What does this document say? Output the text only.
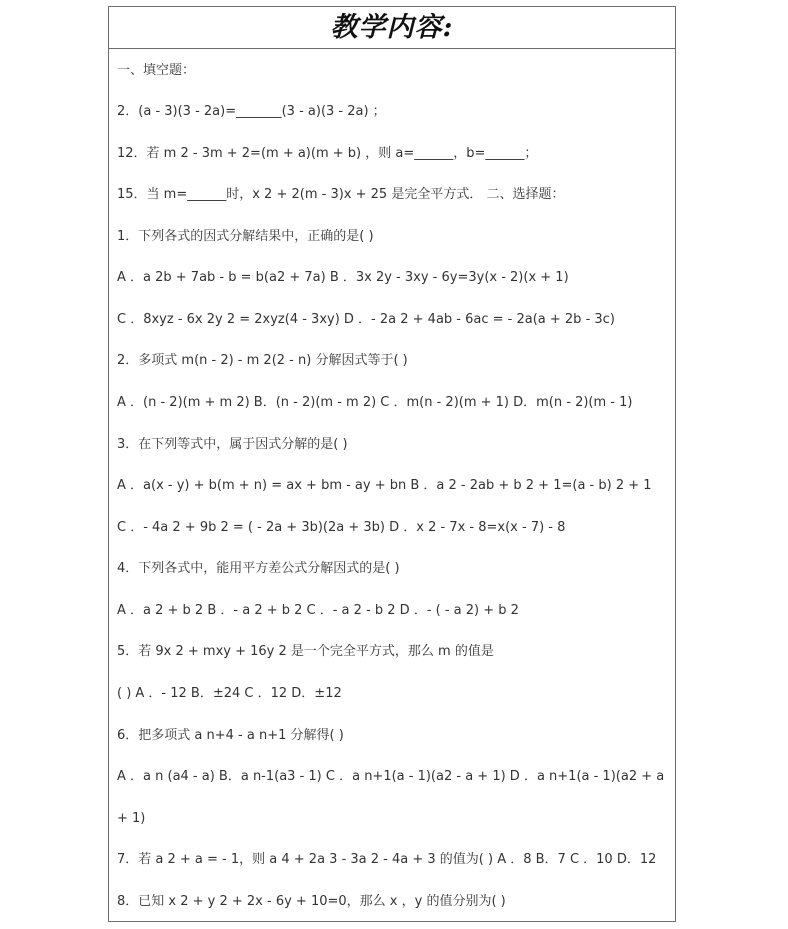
教学内容:
一、填空题：
2．(a - 3)(3 - 2a)=_______(3 - a)(3 - 2a) ；
12．若 m 2 - 3m + 2=(m + a)(m + b) ，则 a=______，b=______；
15．当 m=______时，x 2 + 2(m - 3)x + 25 是完全平方式． 二、选择题：
1．下列各式的因式分解结果中，正确的是( )
A ．a 2b + 7ab - b = b(a2 + 7a) B ．3x 2y - 3xy - 6y=3y(x - 2)(x + 1)
C ．8xyz - 6x 2y 2 = 2xyz(4 - 3xy) D ．- 2a 2 + 4ab - 6ac = - 2a(a + 2b - 3c)
2．多项式 m(n - 2) - m 2(2 - n) 分解因式等于( )
A ．(n - 2)(m + m 2) B．(n - 2)(m - m 2) C ．m(n - 2)(m + 1) D．m(n - 2)(m - 1)
3．在下列等式中，属于因式分解的是( )
A ．a(x - y) + b(m + n) = ax + bm - ay + bn B ．a 2 - 2ab + b 2 + 1=(a - b) 2 + 1
C ．- 4a 2 + 9b 2 = ( - 2a + 3b)(2a + 3b) D ．x 2 - 7x - 8=x(x - 7) - 8
4．下列各式中，能用平方差公式分解因式的是( )
A ．a 2 + b 2 B ．- a 2 + b 2 C ．- a 2 - b 2 D ．- ( - a 2) + b 2
5．若 9x 2 + mxy + 16y 2 是一个完全平方式，那么 m 的值是
( ) A ．- 12 B．±24 C ．12 D．±12
6．把多项式 a n+4 - a n+1 分解得( )
A ．a n (a4 - a) B．a n-1(a3 - 1) C ．a n+1(a - 1)(a2 - a + 1) D ．a n+1(a - 1)(a2 + a
+ 1)
7．若 a 2 + a = - 1，则 a 4 + 2a 3 - 3a 2 - 4a + 3 的值为( ) A ．8 B．7 C ．10 D．12
8．已知 x 2 + y 2 + 2x - 6y + 10=0，那么 x ，y 的值分别为( )
